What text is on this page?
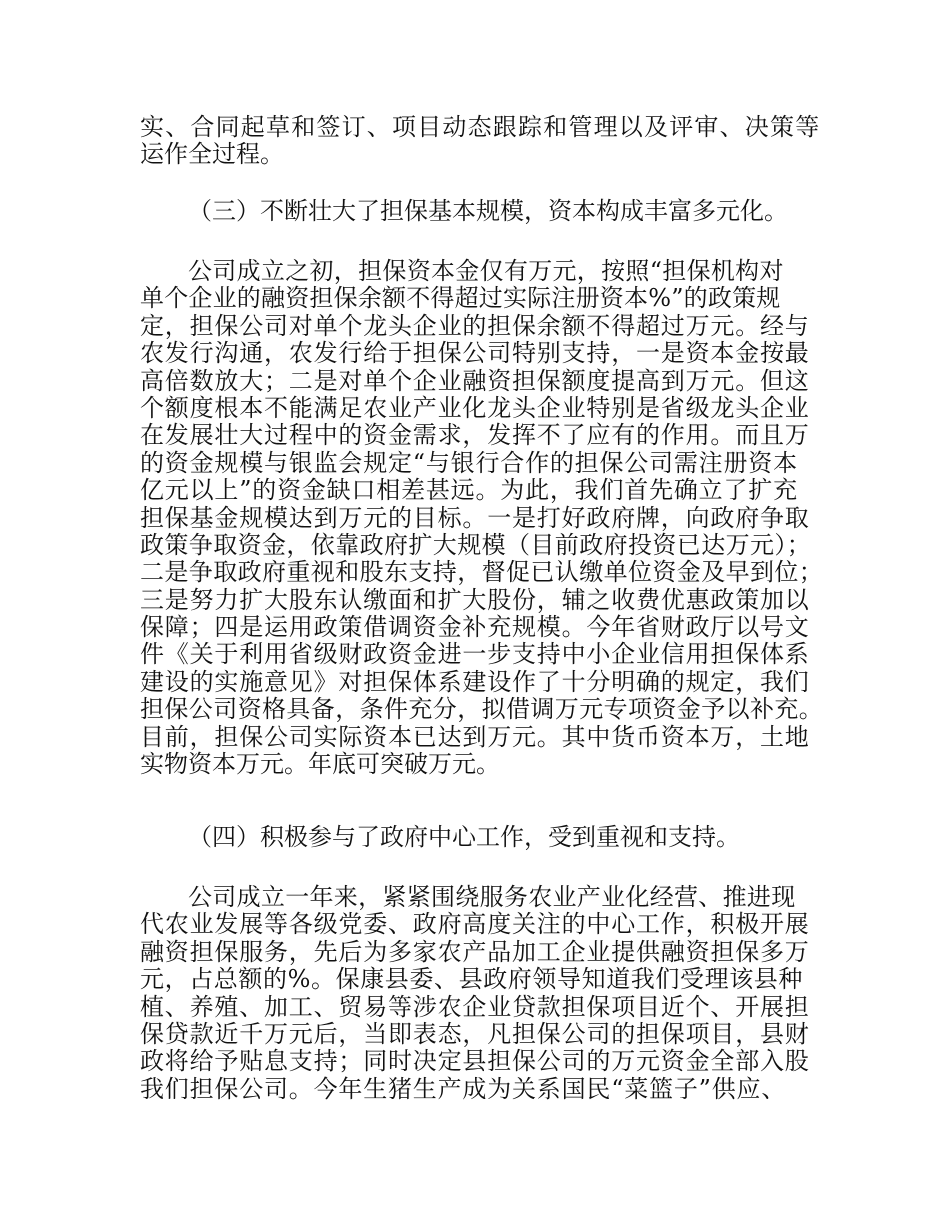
实、合同起草和签订、项目动态跟踪和管理以及评审、决策等
运作全过程。
（三）不断壮大了担保基本规模，资本构成丰富多元化。
公司成立之初，担保资本金仅有万元，按照“担保机构对
单个企业的融资担保余额不得超过实际注册资本%”的政策规
定，担保公司对单个龙头企业的担保余额不得超过万元。经与
农发行沟通，农发行给于担保公司特别支持，一是资本金按最
高倍数放大；二是对单个企业融资担保额度提高到万元。但这
个额度根本不能满足农业产业化龙头企业特别是省级龙头企业
在发展壮大过程中的资金需求，发挥不了应有的作用。而且万
的资金规模与银监会规定“与银行合作的担保公司需注册资本
亿元以上”的资金缺口相差甚远。为此，我们首先确立了扩充
担保基金规模达到万元的目标。一是打好政府牌，向政府争取
政策争取资金，依靠政府扩大规模（目前政府投资已达万元）；
二是争取政府重视和股东支持，督促已认缴单位资金及早到位；
三是努力扩大股东认缴面和扩大股份，辅之收费优惠政策加以
保障；四是运用政策借调资金补充规模。今年省财政厅以号文
件《关于利用省级财政资金进一步支持中小企业信用担保体系
建设的实施意见》对担保体系建设作了十分明确的规定，我们
担保公司资格具备，条件充分，拟借调万元专项资金予以补充。
目前，担保公司实际资本已达到万元。其中货币资本万，土地
实物资本万元。年底可突破万元。
（四）积极参与了政府中心工作，受到重视和支持。
公司成立一年来，紧紧围绕服务农业产业化经营、推进现
代农业发展等各级党委、政府高度关注的中心工作，积极开展
融资担保服务，先后为多家农产品加工企业提供融资担保多万
元，占总额的%。保康县委、县政府领导知道我们受理该县种
植、养殖、加工、贸易等涉农企业贷款担保项目近个、开展担
保贷款近千万元后，当即表态，凡担保公司的担保项目，县财
政将给予贴息支持；同时决定县担保公司的万元资金全部入股
我们担保公司。今年生猪生产成为关系国民“菜篮子”供应、
